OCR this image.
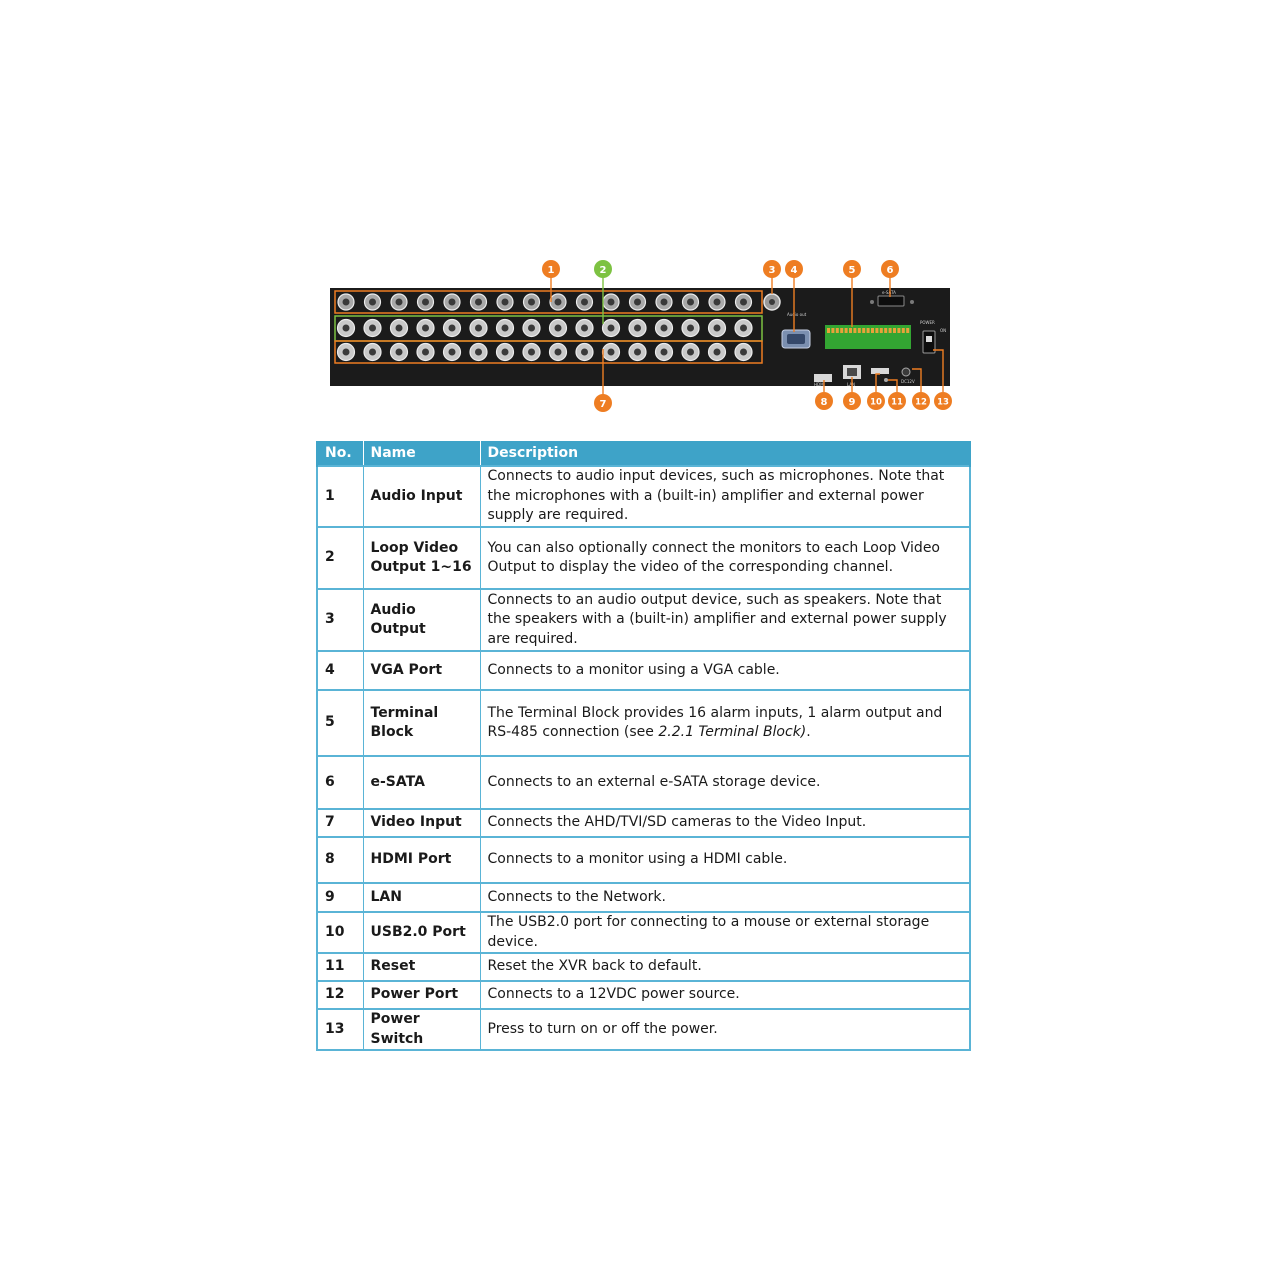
Audio out
e-SATA
POWER
ON
HDMI	LAN
DC12V
1	2	3 4	5	6
7	8 9 10 11 12 13
No.	Name	Description
1	Audio Input	Connects to audio input devices, such as microphones. Note that the microphones with a (built-in) amplifier and external power supply are required.
2	Loop Video Output 1~16	You can also optionally connect the monitors to each Loop Video Output to display the video of the corresponding channel.
3	Audio Output	Connects to an audio output device, such as speakers. Note that the speakers with a (built-in) amplifier and external power supply are required.
4	VGA Port	Connects to a monitor using a VGA cable.
5	Terminal Block	The Terminal Block provides 16 alarm inputs, 1 alarm output and RS-485 connection (see 2.2.1 Terminal Block).
6	e-SATA	Connects to an external e-SATA storage device.
7	Video Input	Connects the AHD/TVI/SD cameras to the Video Input.
8	HDMI Port	Connects to a monitor using a HDMI cable.
9	LAN	Connects to the Network.
10	USB2.0 Port	The USB2.0 port for connecting to a mouse or external storage device.
11	Reset	Reset the XVR back to default.
12	Power Port	Connects to a 12VDC power source.
13	Power Switch	Press to turn on or off the power.
